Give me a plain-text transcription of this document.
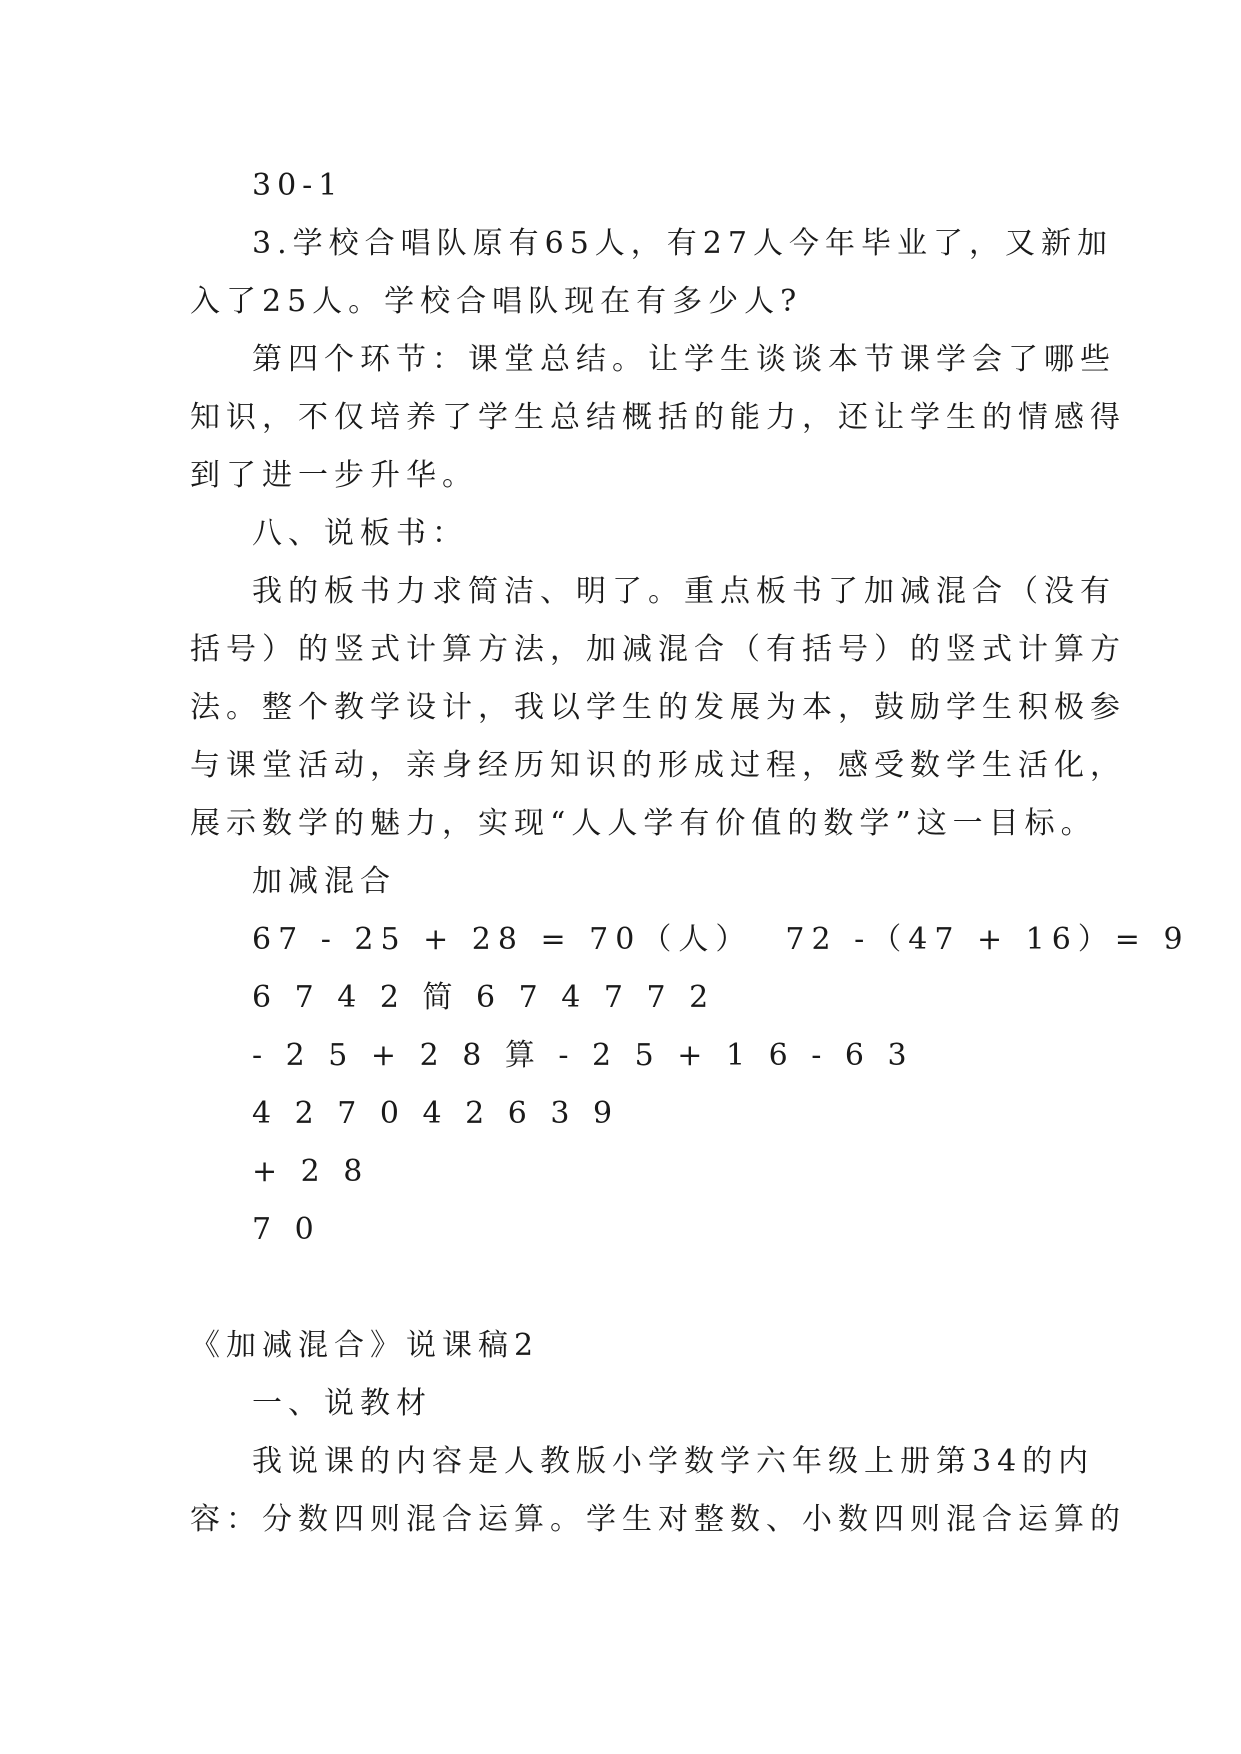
30-1
3.学校合唱队原有65人，有27人今年毕业了，又新加
入了25人。学校合唱队现在有多少人?
第四个环节：课堂总结。让学生谈谈本节课学会了哪些
知识，不仅培养了学生总结概括的能力，还让学生的情感得
到了进一步升华。
八、说板书：
我的板书力求简洁、明了。重点板书了加减混合（没有
括号）的竖式计算方法，加减混合（有括号）的竖式计算方
法。整个教学设计，我以学生的发展为本，鼓励学生积极参
与课堂活动，亲身经历知识的形成过程，感受数学生活化，
展示数学的魅力，实现“人人学有价值的数学”这一目标。
加减混合
67 - 25 + 28 = 70（人）  72 -（47 + 16）= 9
6 7 4 2 简 6 7 4 7 7 2
- 2 5 + 2 8 算 - 2 5 + 1 6 - 6 3
4 2 7 0 4 2 6 3 9
+ 2 8
7 0
《加减混合》说课稿2
一、说教材
我说课的内容是人教版小学数学六年级上册第34的内
容：分数四则混合运算。学生对整数、小数四则混合运算的
